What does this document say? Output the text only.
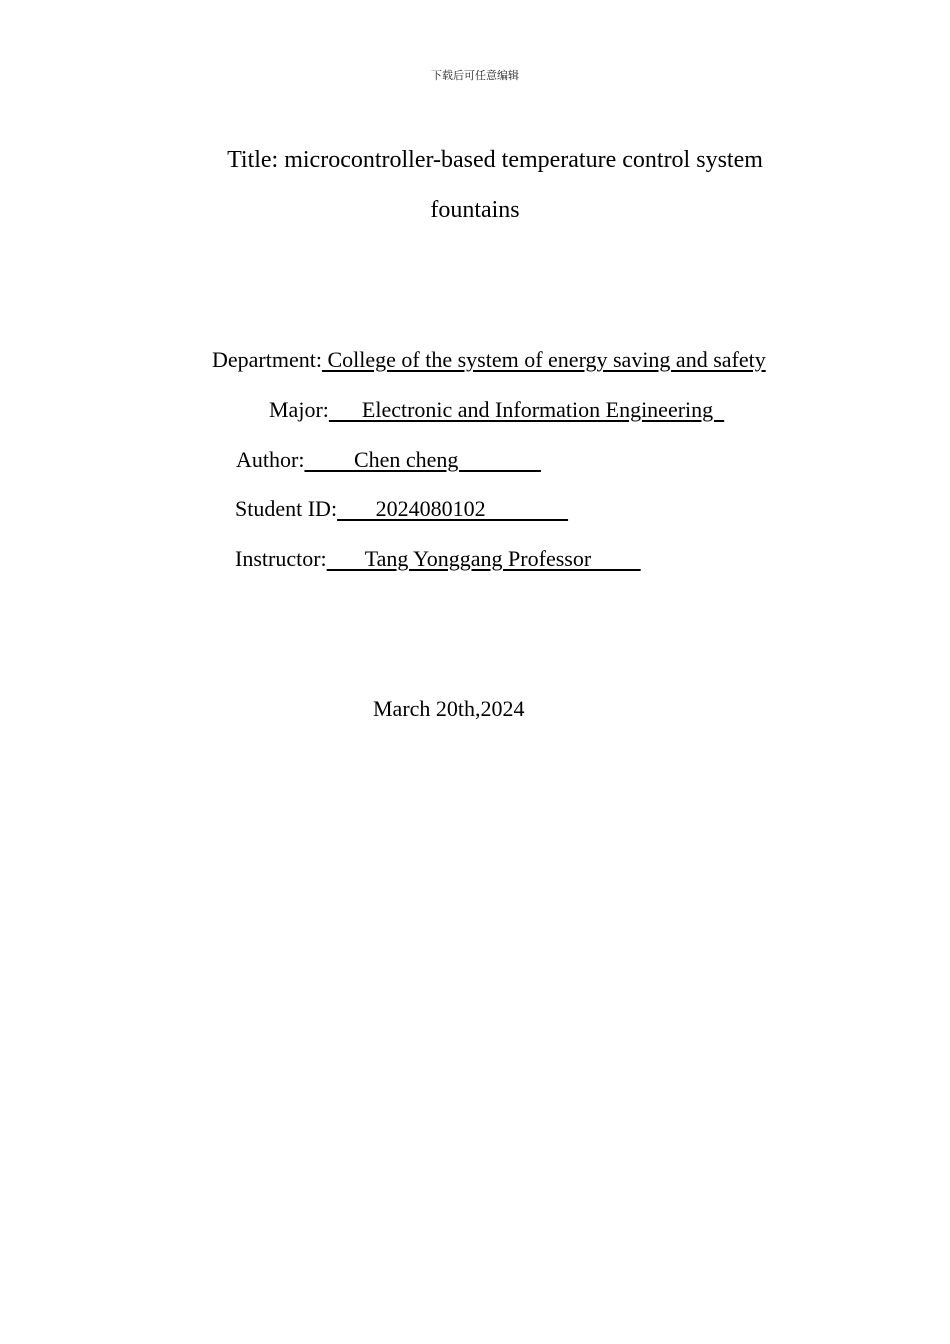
下载后可任意编辑
Title: microcontroller-based temperature control system
fountains
Department: College of the system of energy saving and safety
Major:      Electronic and Information Engineering
Author:         Chen cheng
Student ID:       2024080102
Instructor:       Tang Yonggang Professor
March 20th,2024
